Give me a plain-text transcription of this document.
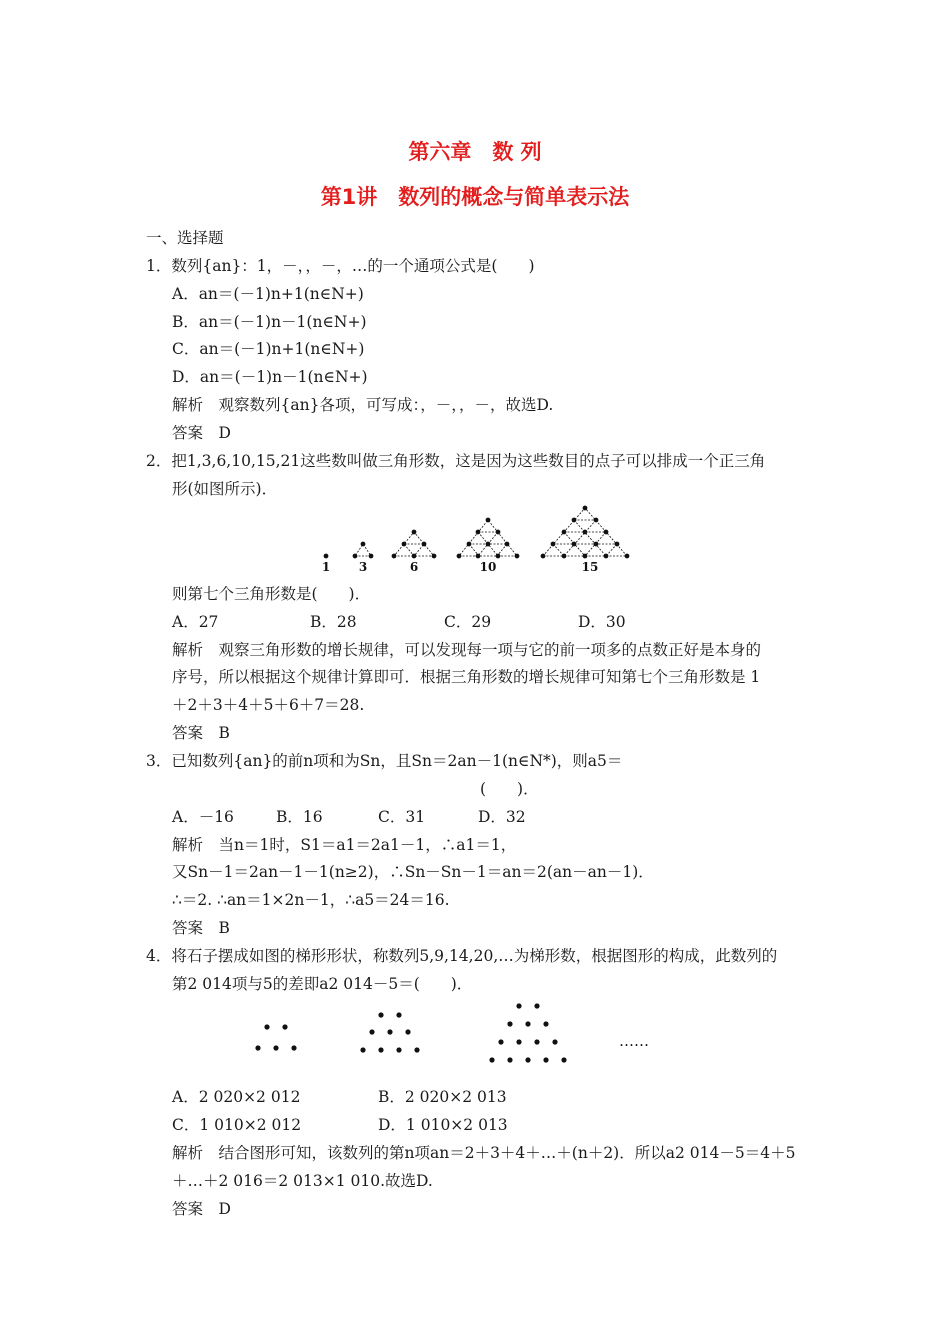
第六章　数 列
第1讲　数列的概念与简单表示法
一、选择题
1．数列{an}：1，－，，－，…的一个通项公式是(　　)
A．an＝(－1)n+1(n∈N+)
B．an＝(－1)n－1(n∈N+)
C．an＝(－1)n+1(n∈N+)
D．an＝(－1)n－1(n∈N+)
解析　观察数列{an}各项，可写成：，－，，－，故选D.
答案　D
2．把1,3,6,10,15,21这些数叫做三角形数，这是因为这些数目的点子可以排成一个正三角
形(如图所示)．
1 3	6	10	15
则第七个三角形数是(　　)．
A．27	B．28	C．29	D．30
解析　观察三角形数的增长规律，可以发现每一项与它的前一项多的点数正好是本身的
序号，所以根据这个规律计算即可．根据三角形数的增长规律可知第七个三角形数是 1
＋2＋3＋4＋5＋6＋7＝28.
答案　B
3．已知数列{an}的前n项和为Sn，且Sn＝2an－1(n∈N*)，则a5＝
(　　)．
A．－16	B．16	C．31	D．32
解析　当n＝1时，S1＝a1＝2a1－1，∴a1＝1，
又Sn－1＝2an－1－1(n≥2)，∴Sn－Sn－1＝an＝2(an－an－1)．
∴＝2. ∴an＝1×2n－1，∴a5＝24＝16.
答案　B
4．将石子摆成如图的梯形形状，称数列5,9,14,20,…为梯形数，根据图形的构成，此数列的
第2 014项与5的差即a2 014－5＝(　　)．
……
A．2 020×2 012	B．2 020×2 013
C．1 010×2 012	D．1 010×2 013
解析　结合图形可知，该数列的第n项an＝2＋3＋4＋…＋(n＋2)．所以a2 014－5＝4＋5
＋…＋2 016＝2 013×1 010.故选D.
答案　D
